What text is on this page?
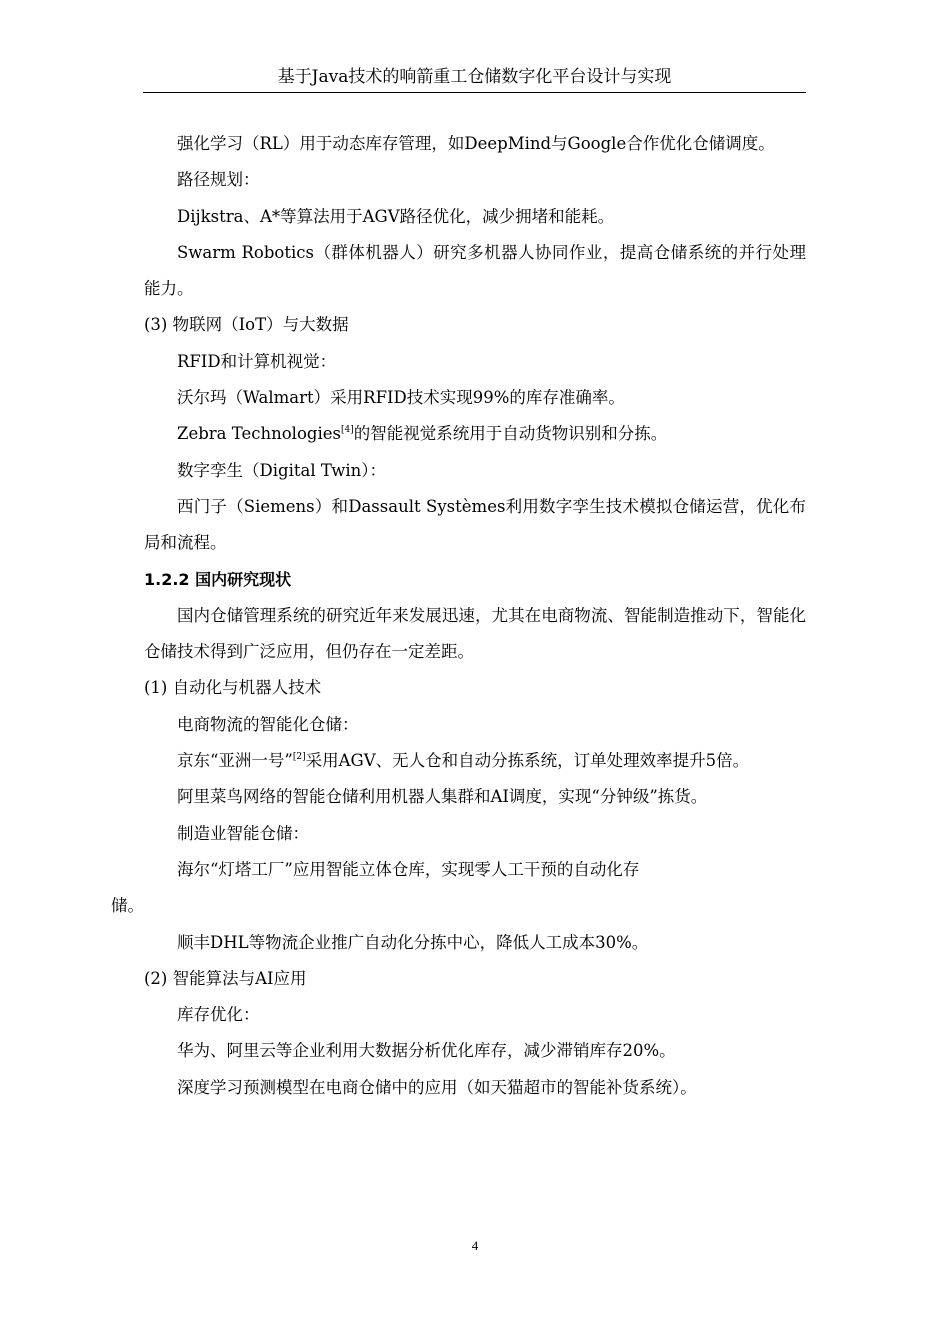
基于Java技术的响箭重工仓储数字化平台设计与实现

强化学习（RL）用于动态库存管理，如DeepMind与Google合作优化仓储调度。

路径规划：

Dijkstra、A*等算法用于AGV路径优化，减少拥堵和能耗。

Swarm Robotics（群体机器人）研究多机器人协同作业，提高仓储系统的并行处理能力。

(3) 物联网（IoT）与大数据

RFID和计算机视觉：

沃尔玛（Walmart）采用RFID技术实现99%的库存准确率。

Zebra Technologies[4]的智能视觉系统用于自动货物识别和分拣。

数字孪生（Digital Twin）：

西门子（Siemens）和Dassault Systèmes利用数字孪生技术模拟仓储运营，优化布局和流程。

1.2.2 国内研究现状

国内仓储管理系统的研究近年来发展迅速，尤其在电商物流、智能制造推动下，智能化仓储技术得到广泛应用，但仍存在一定差距。

(1) 自动化与机器人技术

电商物流的智能化仓储：

京东“亚洲一号”[2]采用AGV、无人仓和自动分拣系统，订单处理效率提升5倍。

阿里菜鸟网络的智能仓储利用机器人集群和AI调度，实现“分钟级”拣货。

制造业智能仓储：

海尔“灯塔工厂”应用智能立体仓库，实现零人工干预的自动化存
储。

顺丰DHL等物流企业推广自动化分拣中心，降低人工成本30%。

(2) 智能算法与AI应用

库存优化：

华为、阿里云等企业利用大数据分析优化库存，减少滞销库存20%。

深度学习预测模型在电商仓储中的应用（如天猫超市的智能补货系统）。

4
